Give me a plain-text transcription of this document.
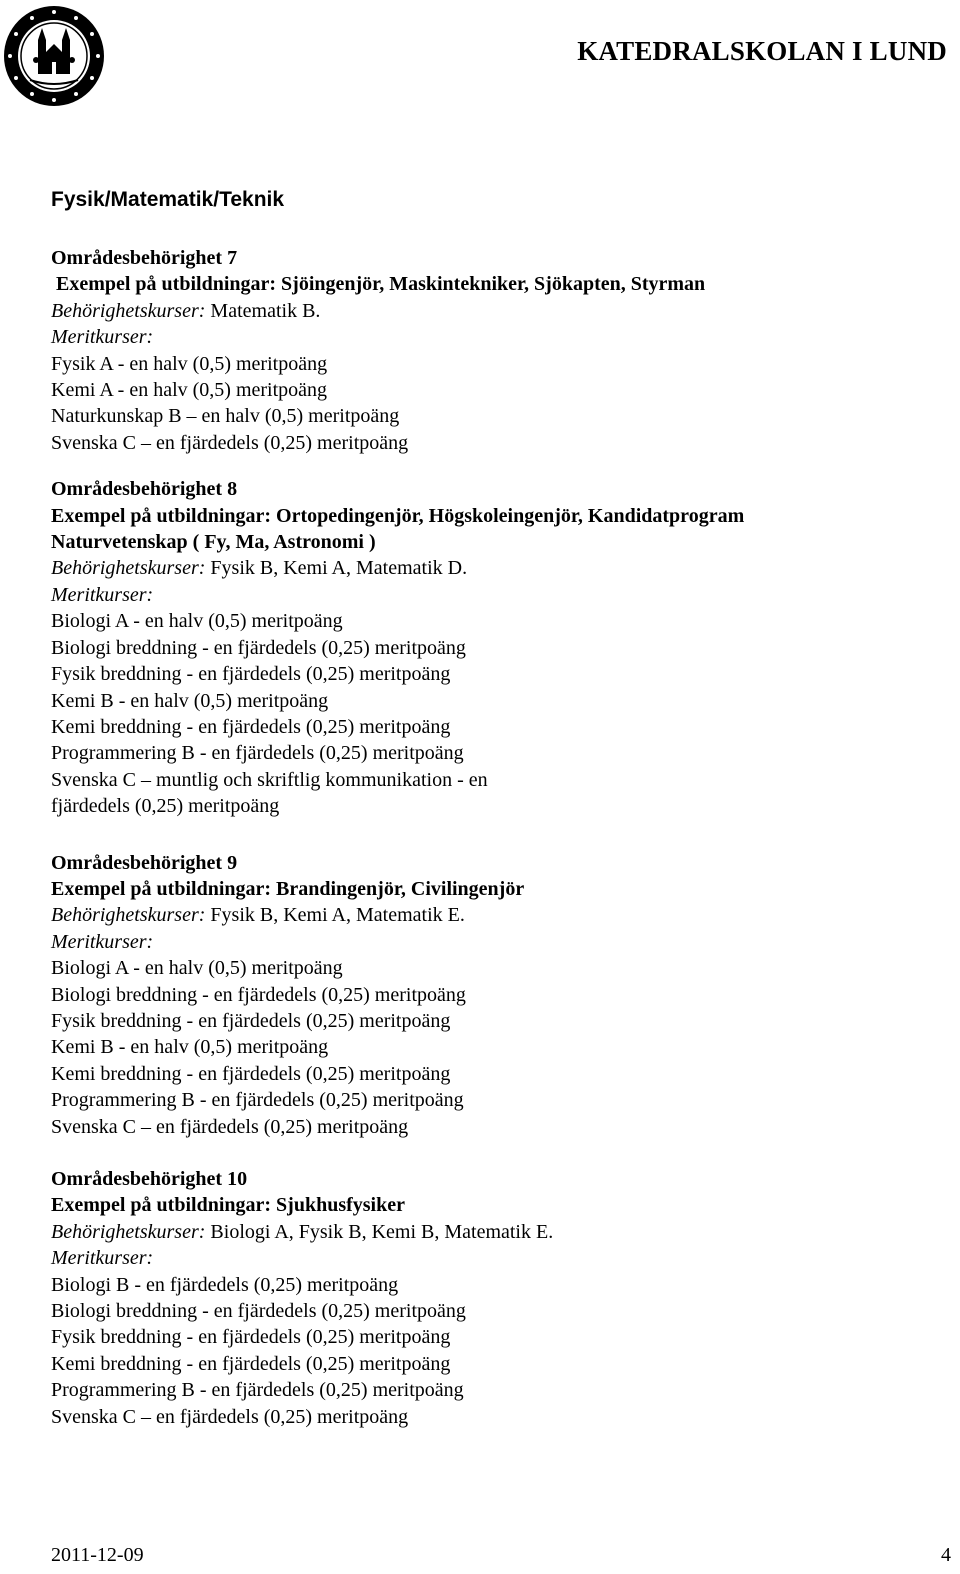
KATEDRALSKOLAN I LUND
Fysik/Matematik/Teknik
Områdesbehörighet 7
Exempel på utbildningar: Sjöingenjör, Maskintekniker, Sjökapten, Styrman
Behörighetskurser: Matematik B.
Meritkurser:
Fysik A - en halv (0,5) meritpoäng
Kemi A - en halv (0,5) meritpoäng
Naturkunskap B – en halv (0,5) meritpoäng
Svenska C – en fjärdedels (0,25) meritpoäng
Områdesbehörighet 8
Exempel på utbildningar: Ortopedingenjör, Högskoleingenjör, Kandidatprogram
Naturvetenskap ( Fy, Ma, Astronomi )
Behörighetskurser: Fysik B, Kemi A, Matematik D.
Meritkurser:
Biologi A - en halv (0,5) meritpoäng
Biologi breddning - en fjärdedels (0,25) meritpoäng
Fysik breddning - en fjärdedels (0,25) meritpoäng
Kemi B - en halv (0,5) meritpoäng
Kemi breddning - en fjärdedels (0,25) meritpoäng
Programmering B - en fjärdedels (0,25) meritpoäng
Svenska C – muntlig och skriftlig kommunikation - en
fjärdedels (0,25) meritpoäng
Områdesbehörighet 9
Exempel på utbildningar: Brandingenjör, Civilingenjör
Behörighetskurser: Fysik B, Kemi A, Matematik E.
Meritkurser:
Biologi A - en halv (0,5) meritpoäng
Biologi breddning - en fjärdedels (0,25) meritpoäng
Fysik breddning - en fjärdedels (0,25) meritpoäng
Kemi B - en halv (0,5) meritpoäng
Kemi breddning - en fjärdedels (0,25) meritpoäng
Programmering B - en fjärdedels (0,25) meritpoäng
Svenska C – en fjärdedels (0,25) meritpoäng
Områdesbehörighet 10
Exempel på utbildningar: Sjukhusfysiker
Behörighetskurser: Biologi A, Fysik B, Kemi B, Matematik E.
Meritkurser:
Biologi B - en fjärdedels (0,25) meritpoäng
Biologi breddning - en fjärdedels (0,25) meritpoäng
Fysik breddning - en fjärdedels (0,25) meritpoäng
Kemi breddning - en fjärdedels (0,25) meritpoäng
Programmering B - en fjärdedels (0,25) meritpoäng
Svenska C – en fjärdedels (0,25) meritpoäng
2011-12-09	4
